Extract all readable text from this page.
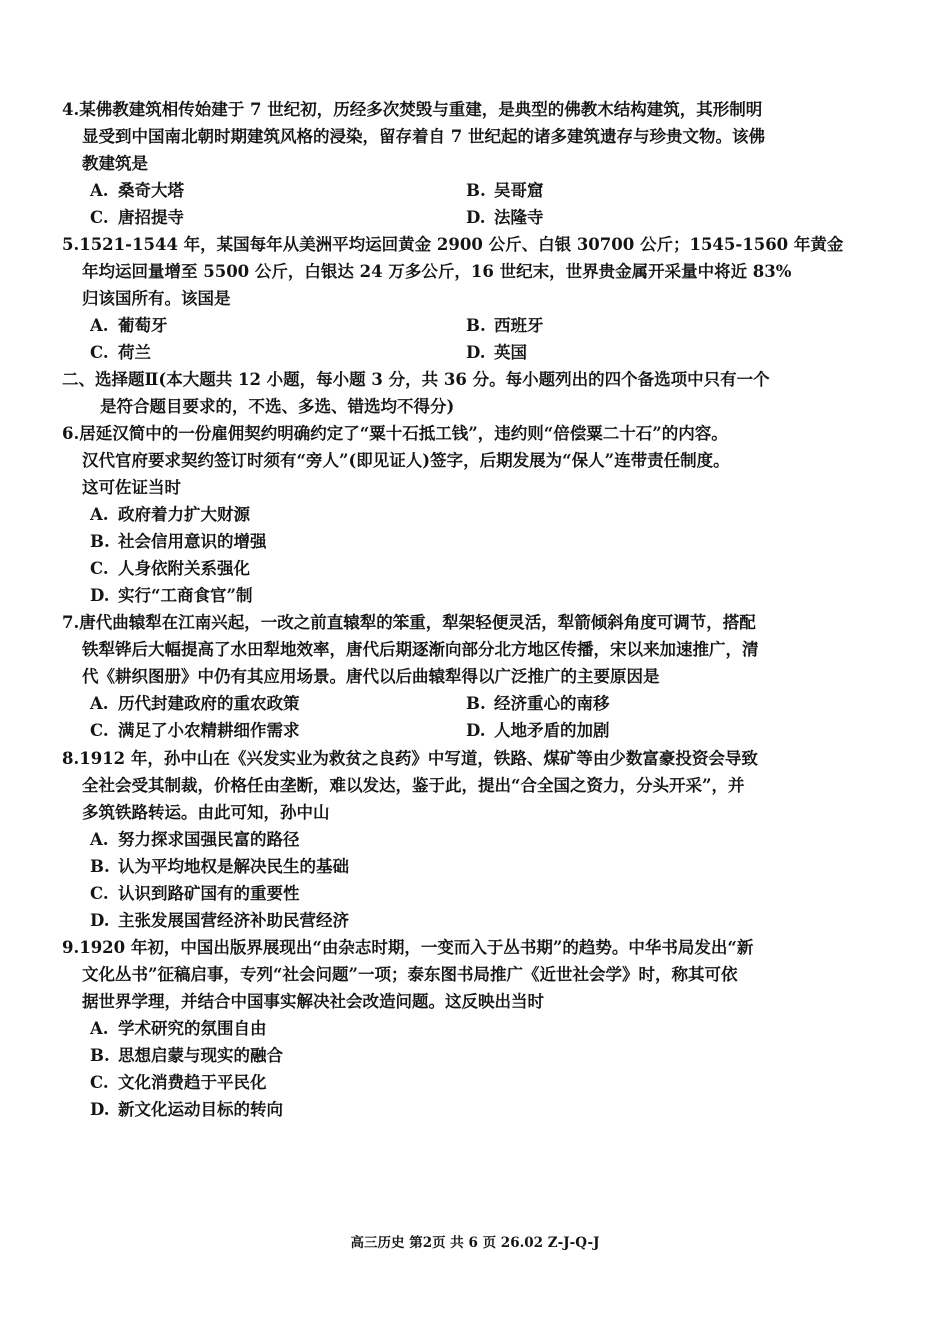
4.某佛教建筑相传始建于 7 世纪初，历经多次焚毁与重建，是典型的佛教木结构建筑，其形制明
显受到中国南北朝时期建筑风格的浸染，留存着自 7 世纪起的诸多建筑遗存与珍贵文物。该佛
教建筑是
A. 桑奇大塔	B. 吴哥窟
C. 唐招提寺	D. 法隆寺
5.1521-1544 年，某国每年从美洲平均运回黄金 2900 公斤、白银 30700 公斤；1545-1560 年黄金
年均运回量增至 5500 公斤，白银达 24 万多公斤，16 世纪末，世界贵金属开采量中将近 83%
归该国所有。该国是
A. 葡萄牙	B. 西班牙
C. 荷兰	D. 英国
二、选择题Ⅱ(本大题共 12 小题，每小题 3 分，共 36 分。每小题列出的四个备选项中只有一个
是符合题目要求的，不选、多选、错选均不得分)
6.居延汉简中的一份雇佣契约明确约定了“粟十石抵工钱”，违约则“倍偿粟二十石”的内容。
汉代官府要求契约签订时须有“旁人”(即见证人)签字，后期发展为“保人”连带责任制度。
这可佐证当时
A. 政府着力扩大财源
B. 社会信用意识的增强
C. 人身依附关系强化
D. 实行“工商食官”制
7.唐代曲辕犁在江南兴起，一改之前直辕犁的笨重，犁架轻便灵活，犁箭倾斜角度可调节，搭配
铁犁铧后大幅提高了水田犁地效率，唐代后期逐渐向部分北方地区传播，宋以来加速推广，清
代《耕织图册》中仍有其应用场景。唐代以后曲辕犁得以广泛推广的主要原因是
A. 历代封建政府的重农政策	B. 经济重心的南移
C. 满足了小农精耕细作需求	D. 人地矛盾的加剧
8.1912 年，孙中山在《兴发实业为救贫之良药》中写道，铁路、煤矿等由少数富豪投资会导致
全社会受其制裁，价格任由垄断，难以发达，鉴于此，提出“合全国之资力，分头开采”，并
多筑铁路转运。由此可知，孙中山
A. 努力探求国强民富的路径
B. 认为平均地权是解决民生的基础
C. 认识到路矿国有的重要性
D. 主张发展国营经济补助民营经济
9.1920 年初，中国出版界展现出“由杂志时期，一变而入于丛书期”的趋势。中华书局发出“新
文化丛书”征稿启事，专列“社会问题”一项；泰东图书局推广《近世社会学》时，称其可依
据世界学理，并结合中国事实解决社会改造问题。这反映出当时
A. 学术研究的氛围自由
B. 思想启蒙与现实的融合
C. 文化消费趋于平民化
D. 新文化运动目标的转向
高三历史 第2页 共 6 页 26.02 Z-J-Q-J
